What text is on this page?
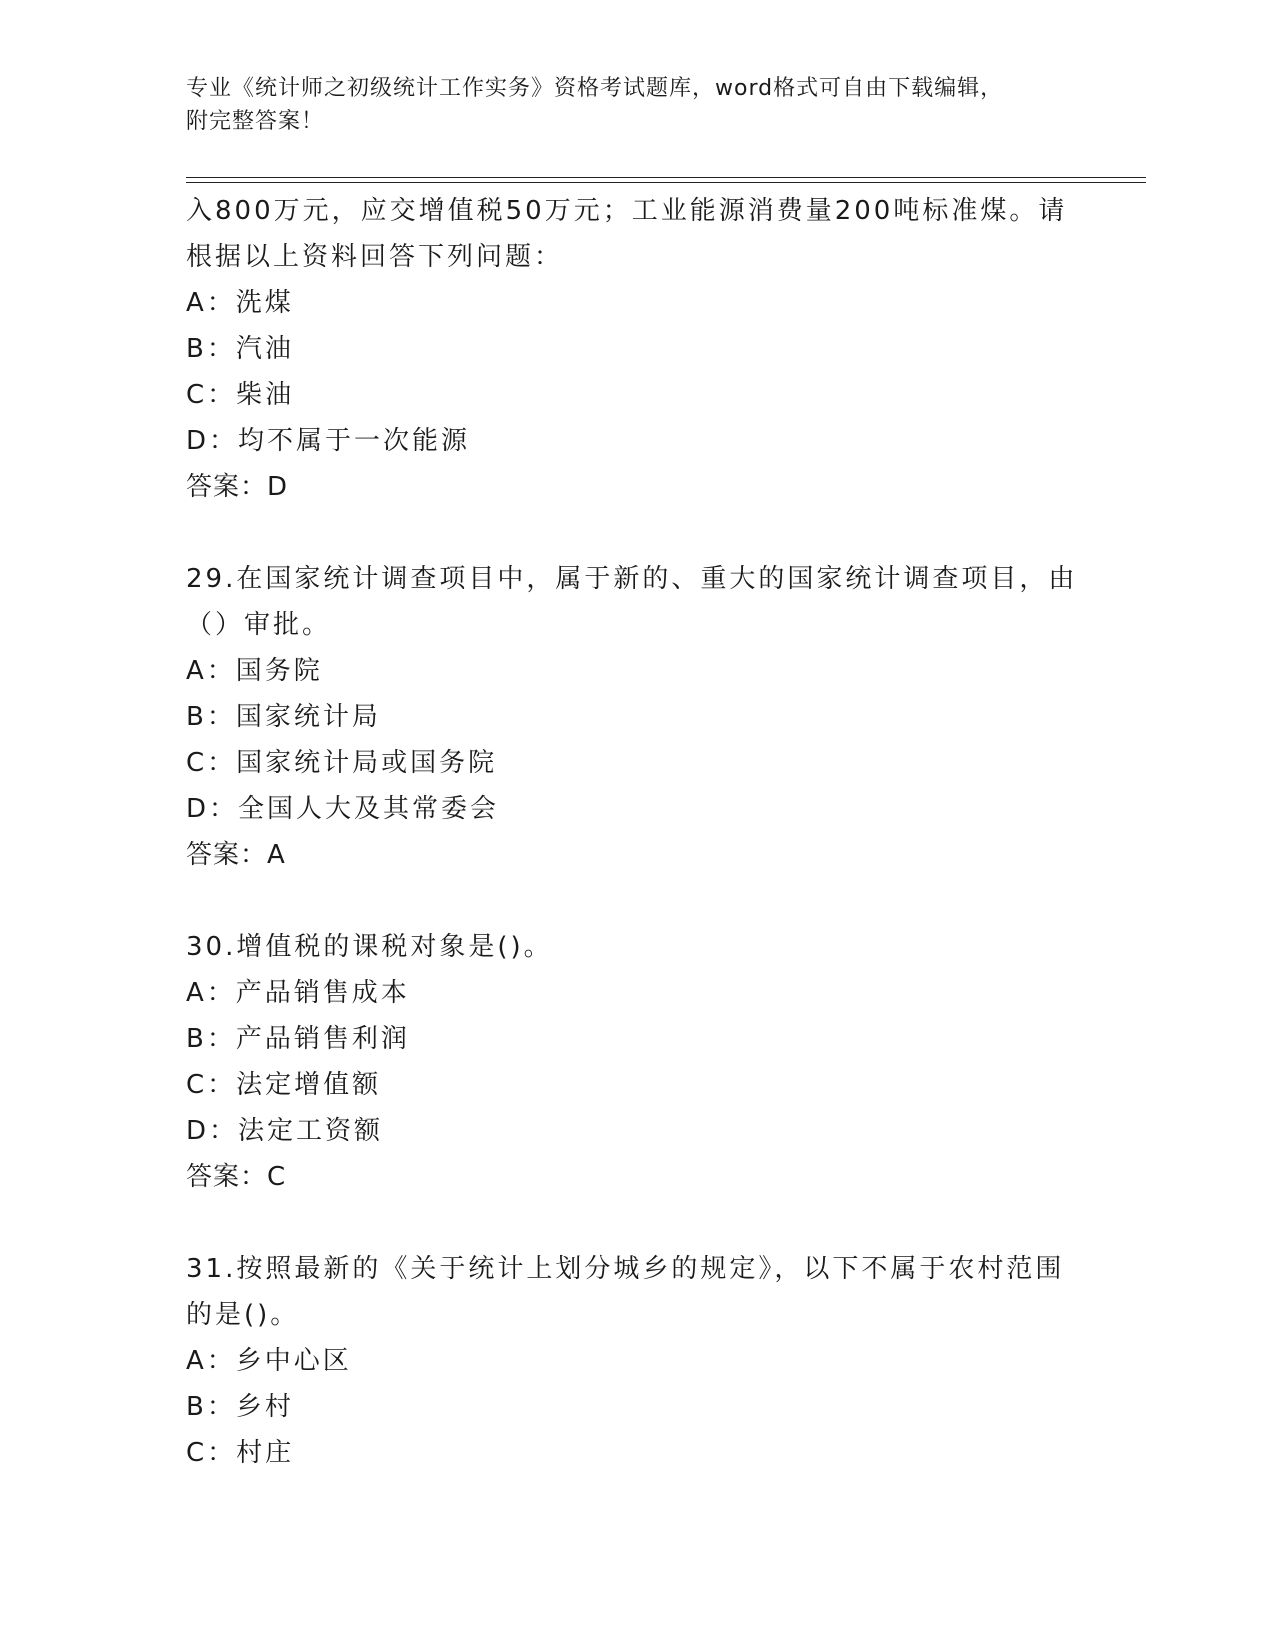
专业《统计师之初级统计工作实务》资格考试题库，word格式可自由下载编辑，
附完整答案！
入800万元，应交增值税50万元；工业能源消费量200吨标准煤。请
根据以上资料回答下列问题：
A：洗煤
B：汽油
C：柴油
D：均不属于一次能源
答案：D
29.在国家统计调查项目中，属于新的、重大的国家统计调查项目，由
（）审批。
A：国务院
B：国家统计局
C：国家统计局或国务院
D：全国人大及其常委会
答案：A
30.增值税的课税对象是()。
A：产品销售成本
B：产品销售利润
C：法定增值额
D：法定工资额
答案：C
31.按照最新的《关于统计上划分城乡的规定》，以下不属于农村范围
的是()。
A：乡中心区
B：乡村
C：村庄
